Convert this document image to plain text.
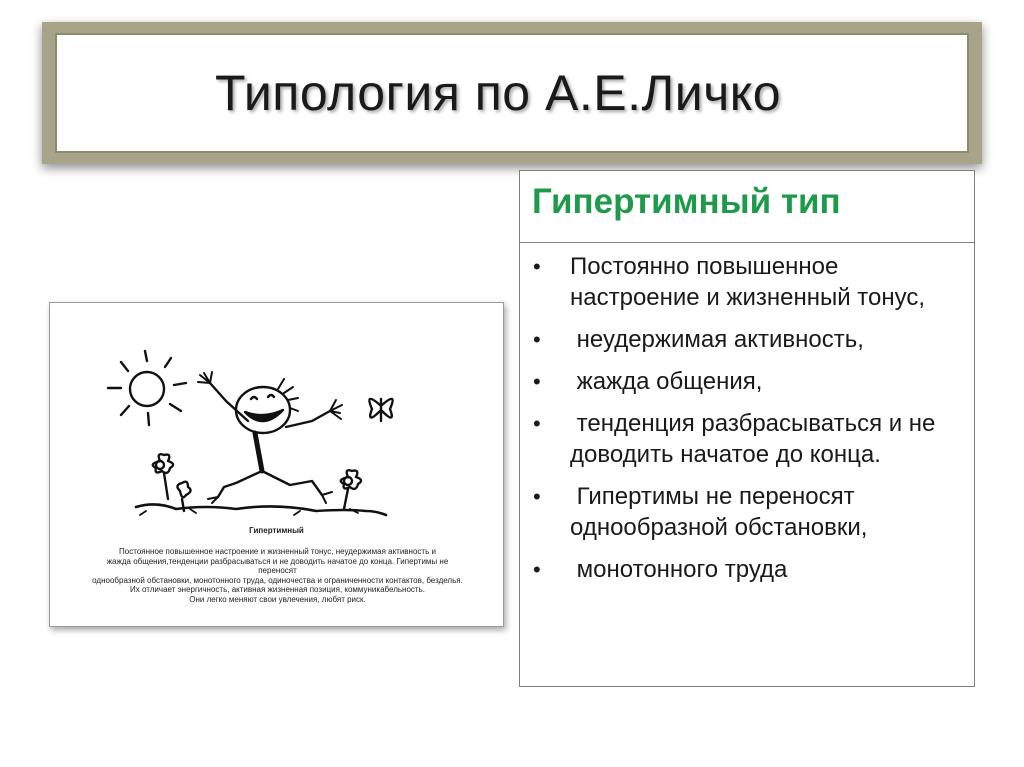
Типология по А.Е.Личко
Гипертимный
Постоянное повышенное настроение и жизненный тонус, неудержимая активность и
жажда общения,тенденции разбрасываться и не доводить начатое до конца. Гипертимы не переносят
однообразной обстановки, монотонного труда, одиночества и ограниченности контактов, безделья.
Их отличает энергичность, активная жизненная позиция, коммуникабельность.
Они легко меняют свои увлечения, любят риск.
Гипертимный тип
• Постоянно повышенное настроение и жизненный тонус,
• неудержимая активность,
• жажда общения,
• тенденция разбрасываться и не доводить начатое до конца.
• Гипертимы не переносят однообразной обстановки,
• монотонного труда
